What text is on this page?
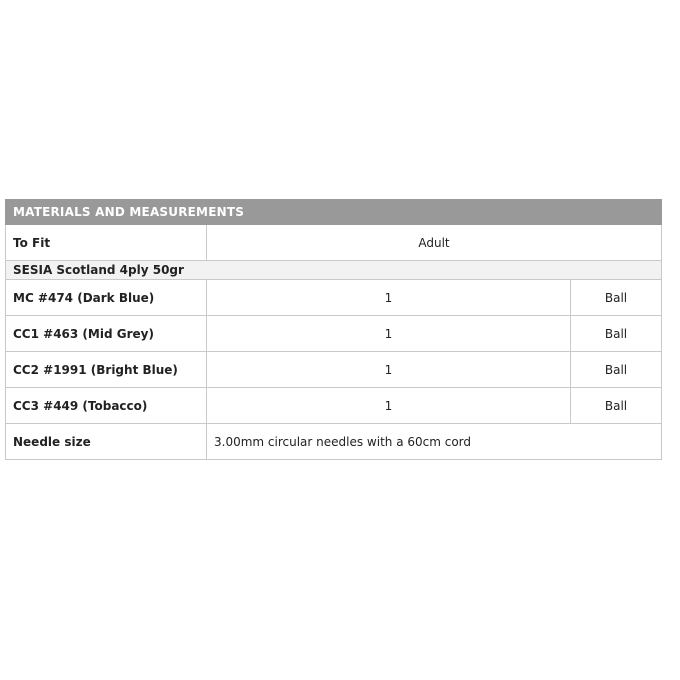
MATERIALS AND MEASUREMENTS		
To Fit	Adult	
SESIA Scotland 4ply 50gr		
MC #474 (Dark Blue)	1	Ball
CC1 #463 (Mid Grey)	1	Ball
CC2 #1991 (Bright Blue)	1	Ball
CC3 #449 (Tobacco)	1	Ball
Needle size	3.00mm circular needles with a 60cm cord	
